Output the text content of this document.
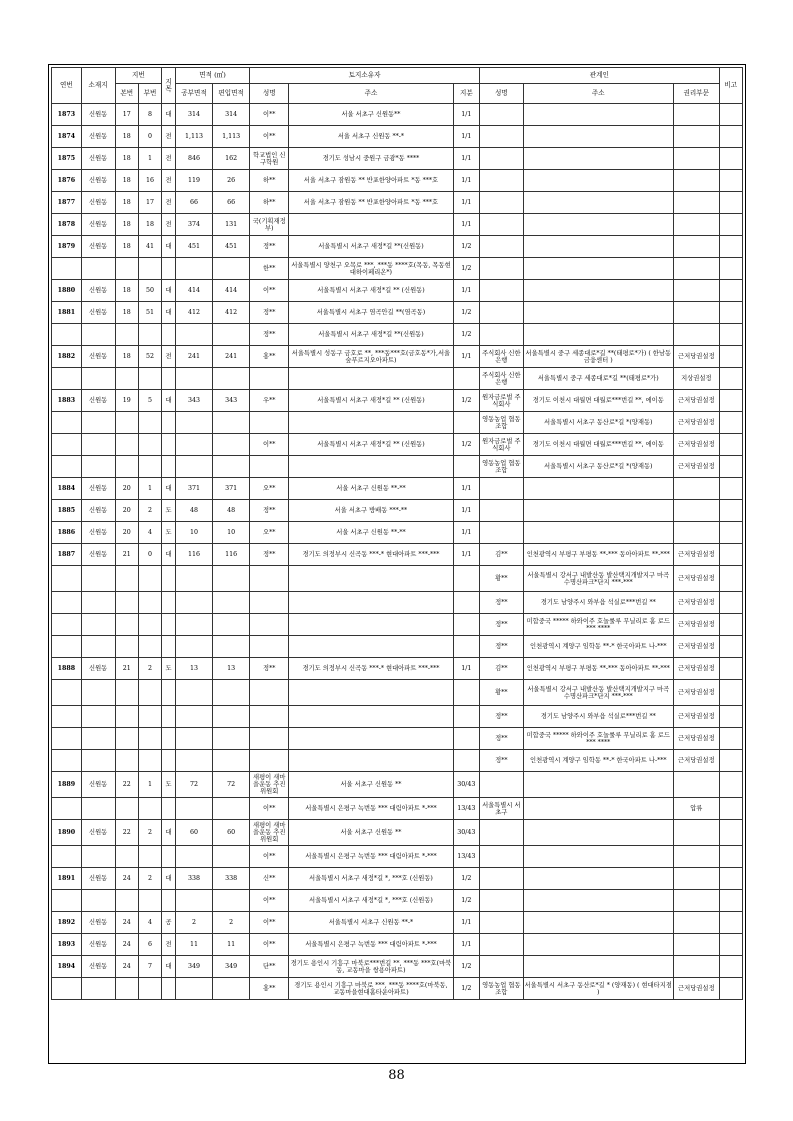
연번	소재지	지번		지목	면적 (㎡)		토지소유자			관계인			비고
		본번	부번		공부면적	편입면적	성명	주소	지분	성명	주소	권리부문	
1873	신원동	17	8	대	314	314	이**	서울 서초구 신원동**	1/1				
1874	신원동	18	0	전	1,113	1,113	이**	서울 서초구 신원동 **-*	1/1				
1875	신원동	18	1	전	846	162	학교법인 신구학원	경기도 성남시 중원구 금광*동 ****	1/1				
1876	신원동	18	16	전	119	26	하**	서울 서초구 잠원동 ** 반포한양아파트 *동 ***호	1/1				
1877	신원동	18	17	전	66	66	하**	서울 서초구 잠원동 ** 반포한양아파트 *동 ***호	1/1				
1878	신원동	18	18	전	374	131	국(기획재정부)		1/1				
1879	신원동	18	41	대	451	451	정**	서울특별시 서초구 새정*길 **(신원동)	1/2				
							한**	서울특별시 양천구 오목로 ***, ***동 ****호(목동, 목동현대하이페리온*)	1/2				
1880	신원동	18	50	대	414	414	이**	서울특별시 서초구 새정*길 ** (신원동)	1/1				
1881	신원동	18	51	대	412	412	정**	서울특별시 서초구 염곡안길 **(염곡동)	1/2				
							정**	서울특별시 서초구 새정*길 **(신원동)	1/2				
1882	신원동	18	52	전	241	241	홍**	서울특별시 성동구 금호로 **, ***동***호(금호동*가,서울숲푸르지오아파트)	1/1	주식회사 신한은행	서울특별시 중구 세종대로*길 **(태평로*가) ( 한남동금융센터 )	근저당권설정	
										주식회사 신한은행	서울특별시 중구 세종대로*길 **(태평로*가)	지상권설정	
1883	신원동	19	5	대	343	343	우**	서울특별시 서초구 새정*길 ** (신원동)	1/2	원자금로벌 주식회사	경기도 이천시 대월면 대월로***번길 **, 에이동	근저당권설정	
										영동농업 협동조합	서울특별시 서초구 동산로*길 *(양재동)	근저당권설정	
							이**	서울특별시 서초구 새정*길 ** (신원동)	1/2	원자금로벌 주식회사	경기도 이천시 대월면 대월로***번길 **, 에이동	근저당권설정	
										영동농업 협동조합	서울특별시 서초구 동산로*길 *(양재동)	근저당권설정	
1884	신원동	20	1	대	371	371	오**	서울 서초구 신원동 **-**	1/1				
1885	신원동	20	2	도	48	48	정**	서울 서초구 방배동 ***-**	1/1				
1886	신원동	20	4	도	10	10	오**	서울 서초구 신원동 **-**	1/1				
1887	신원동	21	0	대	116	116	정**	경기도 의정부시 신곡동 ***-* 현대아파트 ***-***	1/1	김**	인천광역시 부평구 부평동 **-*** 동아아파트 **-***	근저당권설정	
										황**	서울특별시 강서구 내발산동 발산택지개발지구 마곡수명산파크*단지 ***-***	근저당권설정	
										정**	경기도 남양주시 와부읍 석실로***번길 **	근저당권설정	
										정**	미합중국 ***** 하와이주 호놀룰루 무닐리로 홈 로드 *** ****	근저당권설정	
										정**	인천광역시 계양구 임학동 **-* 한국아파트 나-***	근저당권설정	
1888	신원동	21	2	도	13	13	정**	경기도 의정부시 신곡동 ***-* 현대아파트 ***-***	1/1	김**	인천광역시 부평구 부평동 **-*** 동아아파트 **-***	근저당권설정	
										황**	서울특별시 강서구 내발산동 발산택지개발지구 마곡수명산파크*단지 ***-***	근저당권설정	
										정**	경기도 남양주시 와부읍 석실로***번길 **	근저당권설정	
										정**	미합중국 ***** 하와이주 호놀룰루 무닐리로 홈 로드 *** ****	근저당권설정	
										정**	인천광역시 계양구 임학동 **-* 한국아파트 나-***	근저당권설정	
1889	신원동	22	1	도	72	72	새평이 새마을운동 추진위원회	서울 서초구 신원동 **	30/43				
							이**	서울특별시 은평구 녹번동 *** 대림아파트 *-***	13/43	서울특별시 서초구		압류	
1890	신원동	22	2	대	60	60	새평이 새마을운동 추진위원회	서울 서초구 신원동 **	30/43				
							이**	서울특별시 은평구 녹번동 *** 대림아파트 *-***	13/43				
1891	신원동	24	2	대	338	338	신**	서울특별시 서초구 새정*길 *, ***호 (신원동)	1/2				
							이**	서울특별시 서초구 새정*길 *, ***호 (신원동)	1/2				
1892	신원동	24	4	공	2	2	이**	서울특별시 서초구 신원동 **-*	1/1				
1893	신원동	24	6	전	11	11	이**	서울특별시 은평구 녹번동 *** 대림아파트 *-***	1/1				
1894	신원동	24	7	대	349	349	단**	경기도 용인시 기흥구 마북로***번길 **, ***동 ***호(마북동, 교동마을 쌍용아파트)	1/2				
							홍**	경기도 용인시 기흥구 마북로 ***, ***동 ****호(마북동, 교동마을현대홈타운아파트)	1/2	영동농업 협동조합	서울특별시 서초구 동산로*길 * (양재동) ( 현대타지점 )	근저당권설정	
88
